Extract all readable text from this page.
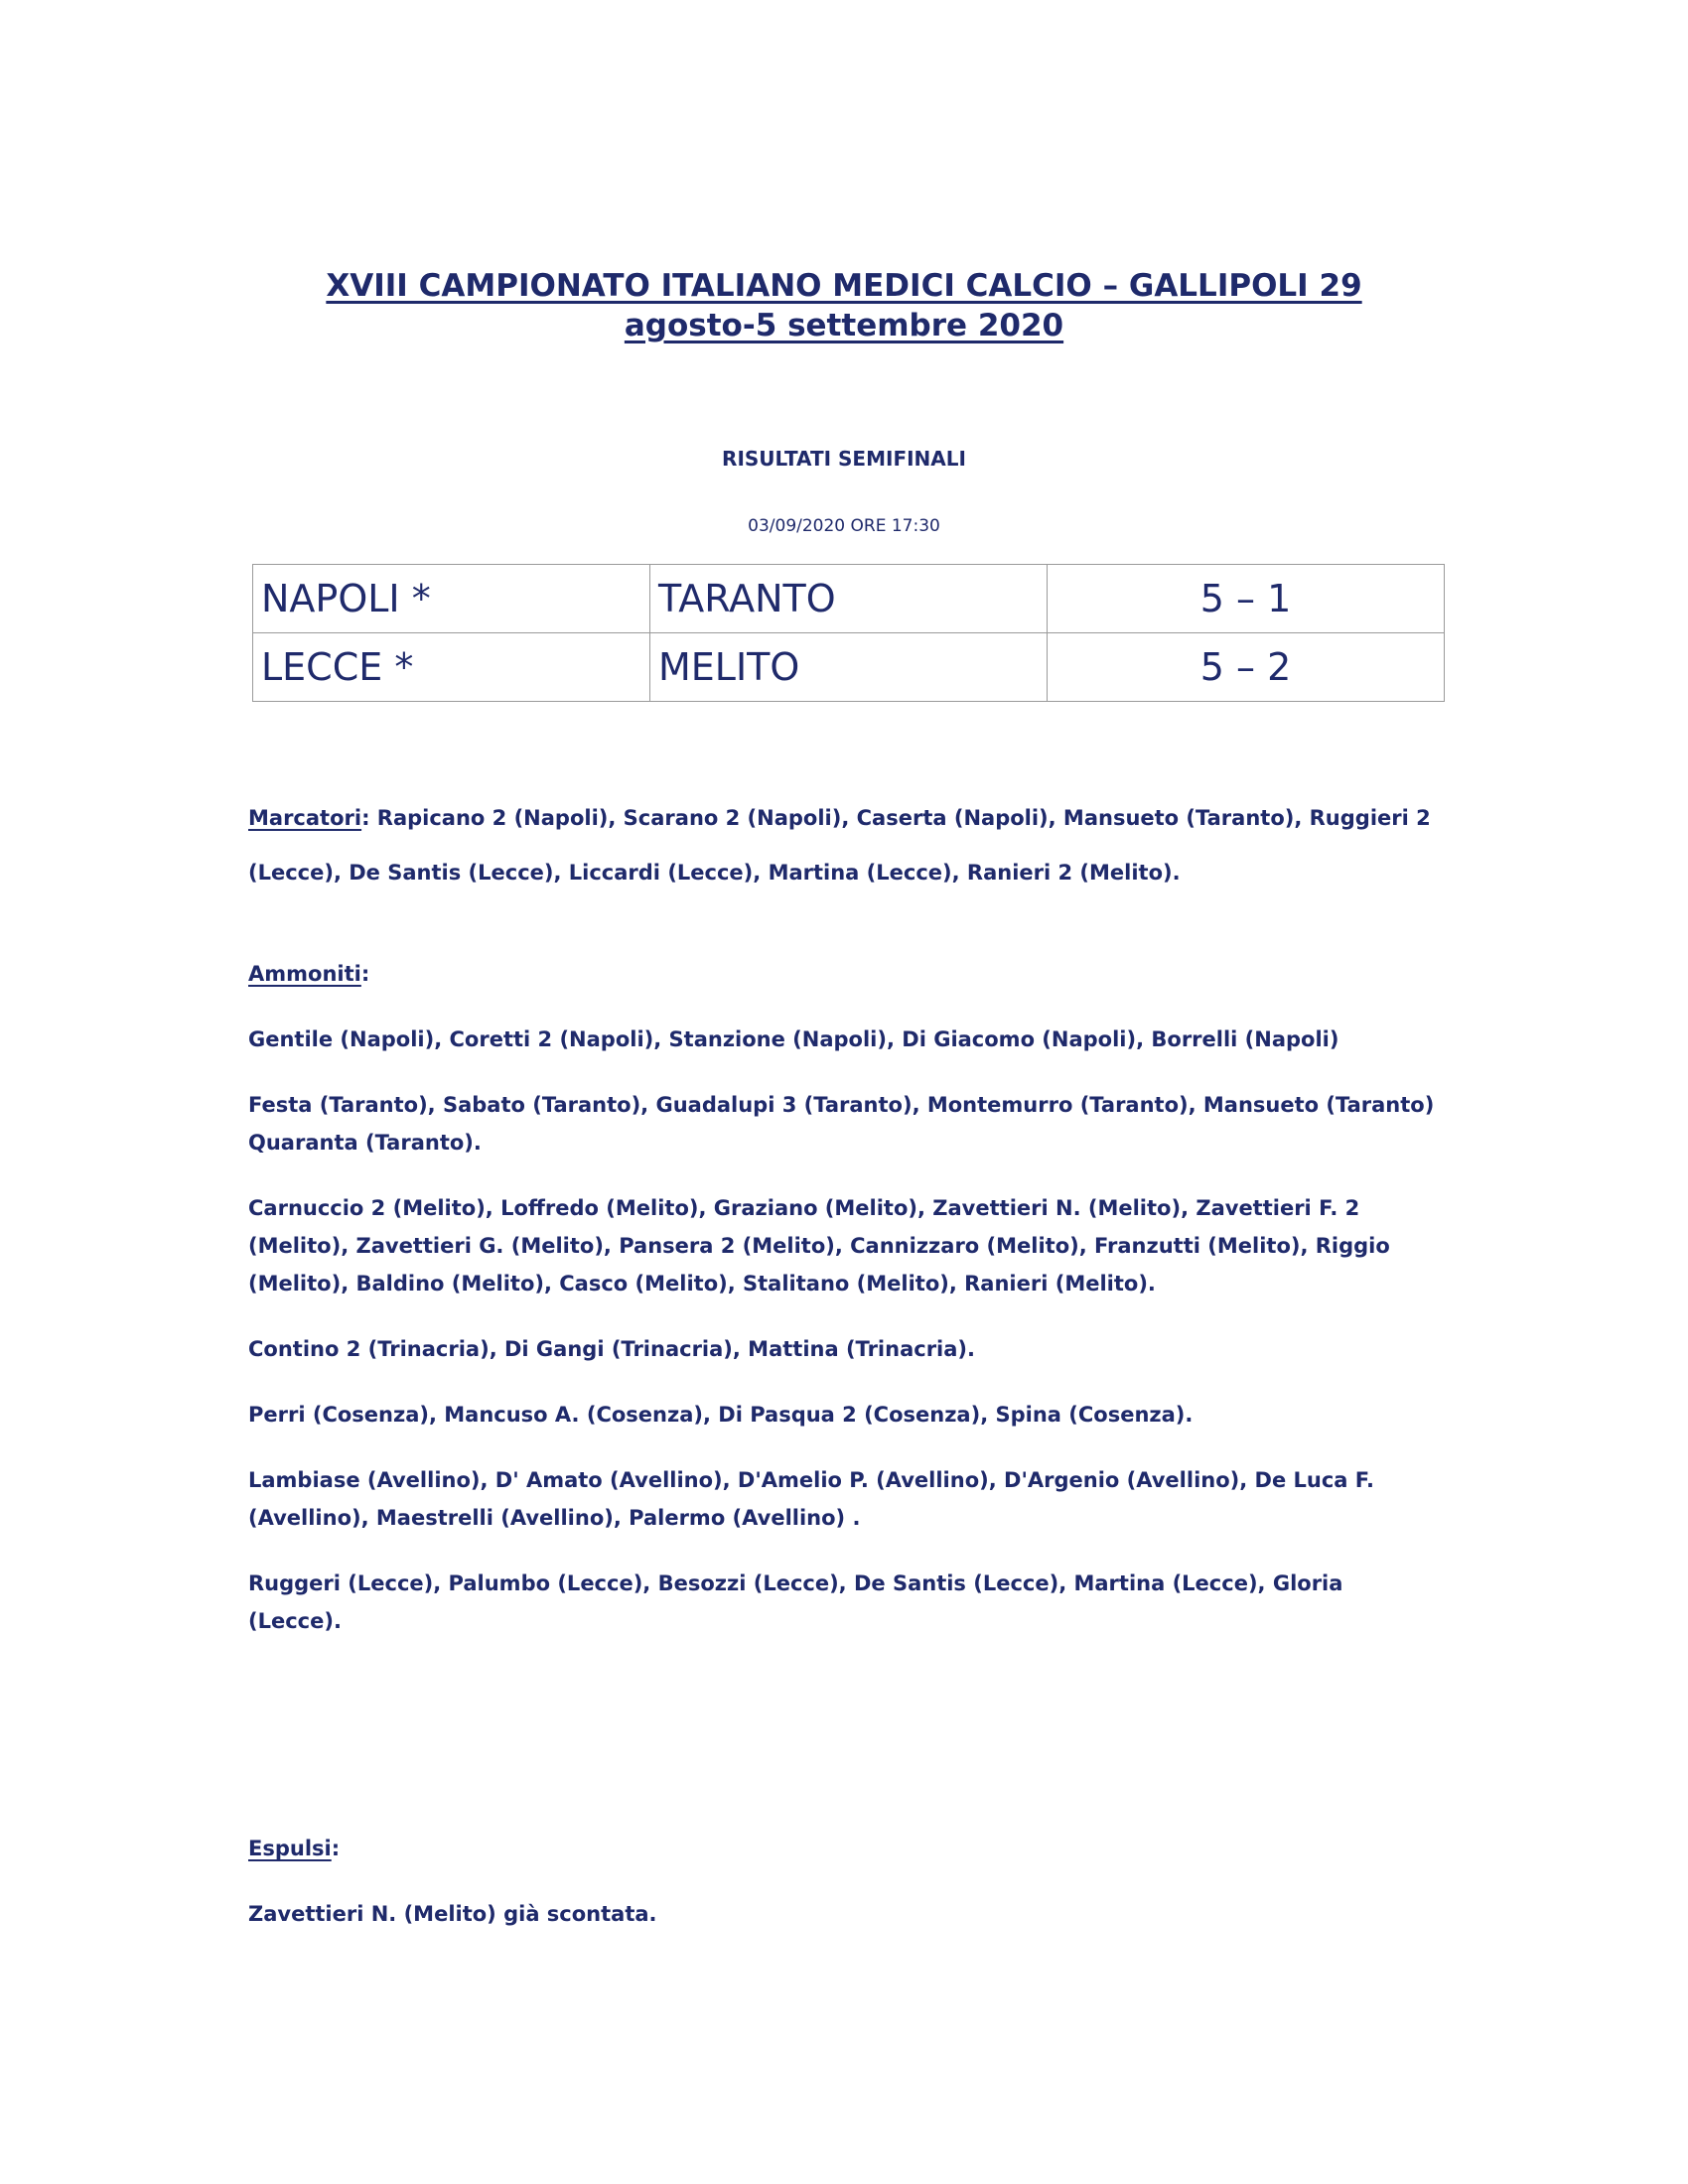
XVIII CAMPIONATO ITALIANO MEDICI CALCIO – GALLIPOLI 29
agosto-5 settembre 2020
RISULTATI SEMIFINALI
03/09/2020 ORE 17:30
NAPOLI *	TARANTO	5 – 1
LECCE *	MELITO	5 – 2

Marcatori: Rapicano 2 (Napoli), Scarano 2 (Napoli), Caserta (Napoli), Mansueto (Taranto), Ruggieri 2

(Lecce), De Santis (Lecce), Liccardi (Lecce), Martina (Lecce), Ranieri 2 (Melito).

Ammoniti:

Gentile (Napoli), Coretti 2 (Napoli), Stanzione (Napoli), Di Giacomo (Napoli), Borrelli (Napoli)

Festa (Taranto), Sabato (Taranto), Guadalupi 3 (Taranto), Montemurro (Taranto), Mansueto (Taranto) Quaranta (Taranto).

Carnuccio 2 (Melito), Loffredo (Melito), Graziano (Melito), Zavettieri N. (Melito), Zavettieri F. 2 (Melito), Zavettieri G. (Melito), Pansera 2 (Melito), Cannizzaro (Melito), Franzutti (Melito), Riggio (Melito), Baldino (Melito), Casco (Melito), Stalitano (Melito), Ranieri (Melito).

Contino 2 (Trinacria), Di Gangi (Trinacria), Mattina (Trinacria).

Perri (Cosenza), Mancuso A. (Cosenza), Di Pasqua 2 (Cosenza), Spina (Cosenza).

Lambiase (Avellino), D' Amato (Avellino), D'Amelio P. (Avellino), D'Argenio (Avellino), De Luca F. (Avellino), Maestrelli (Avellino), Palermo (Avellino) .

Ruggeri (Lecce), Palumbo (Lecce), Besozzi (Lecce), De Santis (Lecce), Martina (Lecce), Gloria (Lecce).

Espulsi:

Zavettieri N. (Melito) già scontata.
